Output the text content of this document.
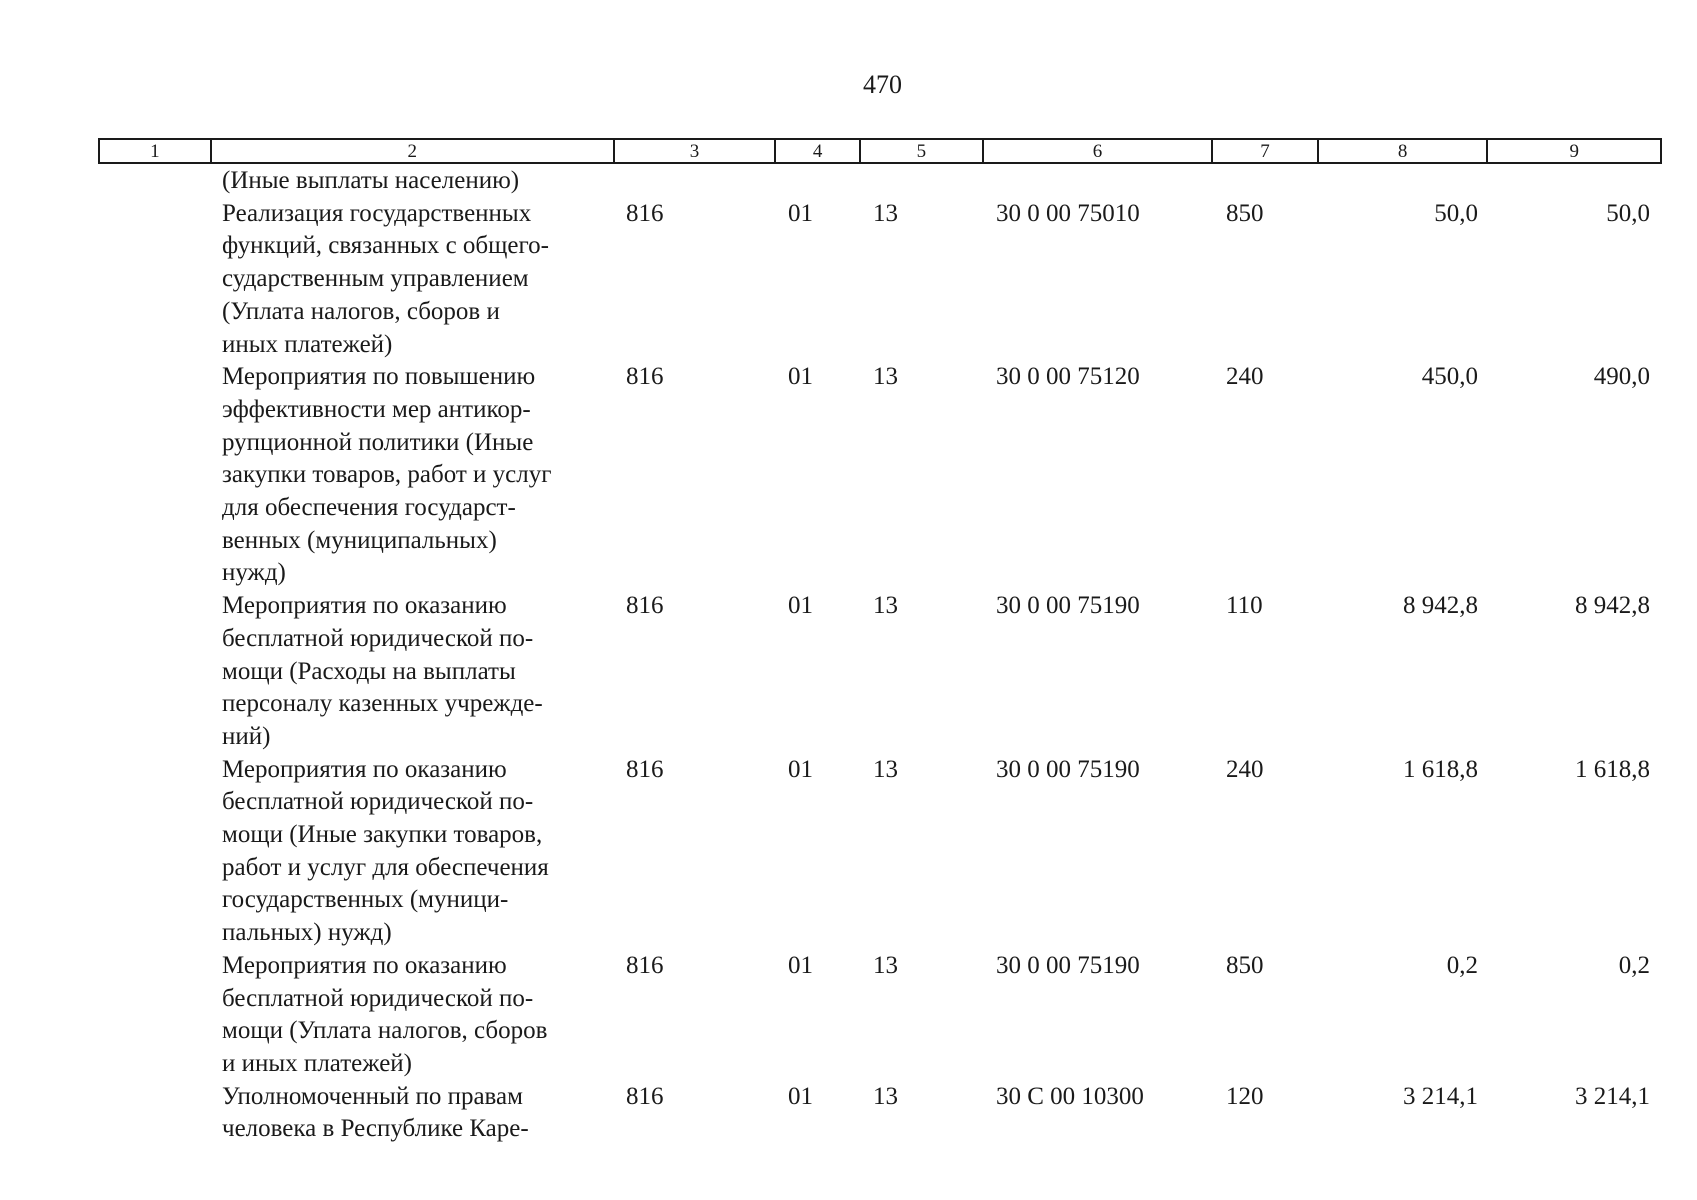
470
1	2	3	4	5	6	7	8	9
(Иные выплаты населению)
Реализация государственных
функций, связанных с общего-
сударственным управлением
(Уплата налогов, сборов и
иных платежей)
816	01	13	30 0 00 75010	850	50,0	50,0
Мероприятия по повышению
эффективности мер антикор-
рупционной политики (Иные
закупки товаров, работ и услуг
для обеспечения государст-
венных (муниципальных)
нужд)
816	01	13	30 0 00 75120	240	450,0	490,0
Мероприятия по оказанию
бесплатной юридической по-
мощи (Расходы на выплаты
персоналу казенных учрежде-
ний)
816	01	13	30 0 00 75190	110	8 942,8	8 942,8
Мероприятия по оказанию
бесплатной юридической по-
мощи (Иные закупки товаров,
работ и услуг для обеспечения
государственных (муници-
пальных) нужд)
816	01	13	30 0 00 75190	240	1 618,8	1 618,8
Мероприятия по оказанию
бесплатной юридической по-
мощи (Уплата налогов, сборов
и иных платежей)
816	01	13	30 0 00 75190	850	0,2	0,2
Уполномоченный по правам
человека в Республике Каре-
816	01	13	30 С 00 10300	120	3 214,1	3 214,1
